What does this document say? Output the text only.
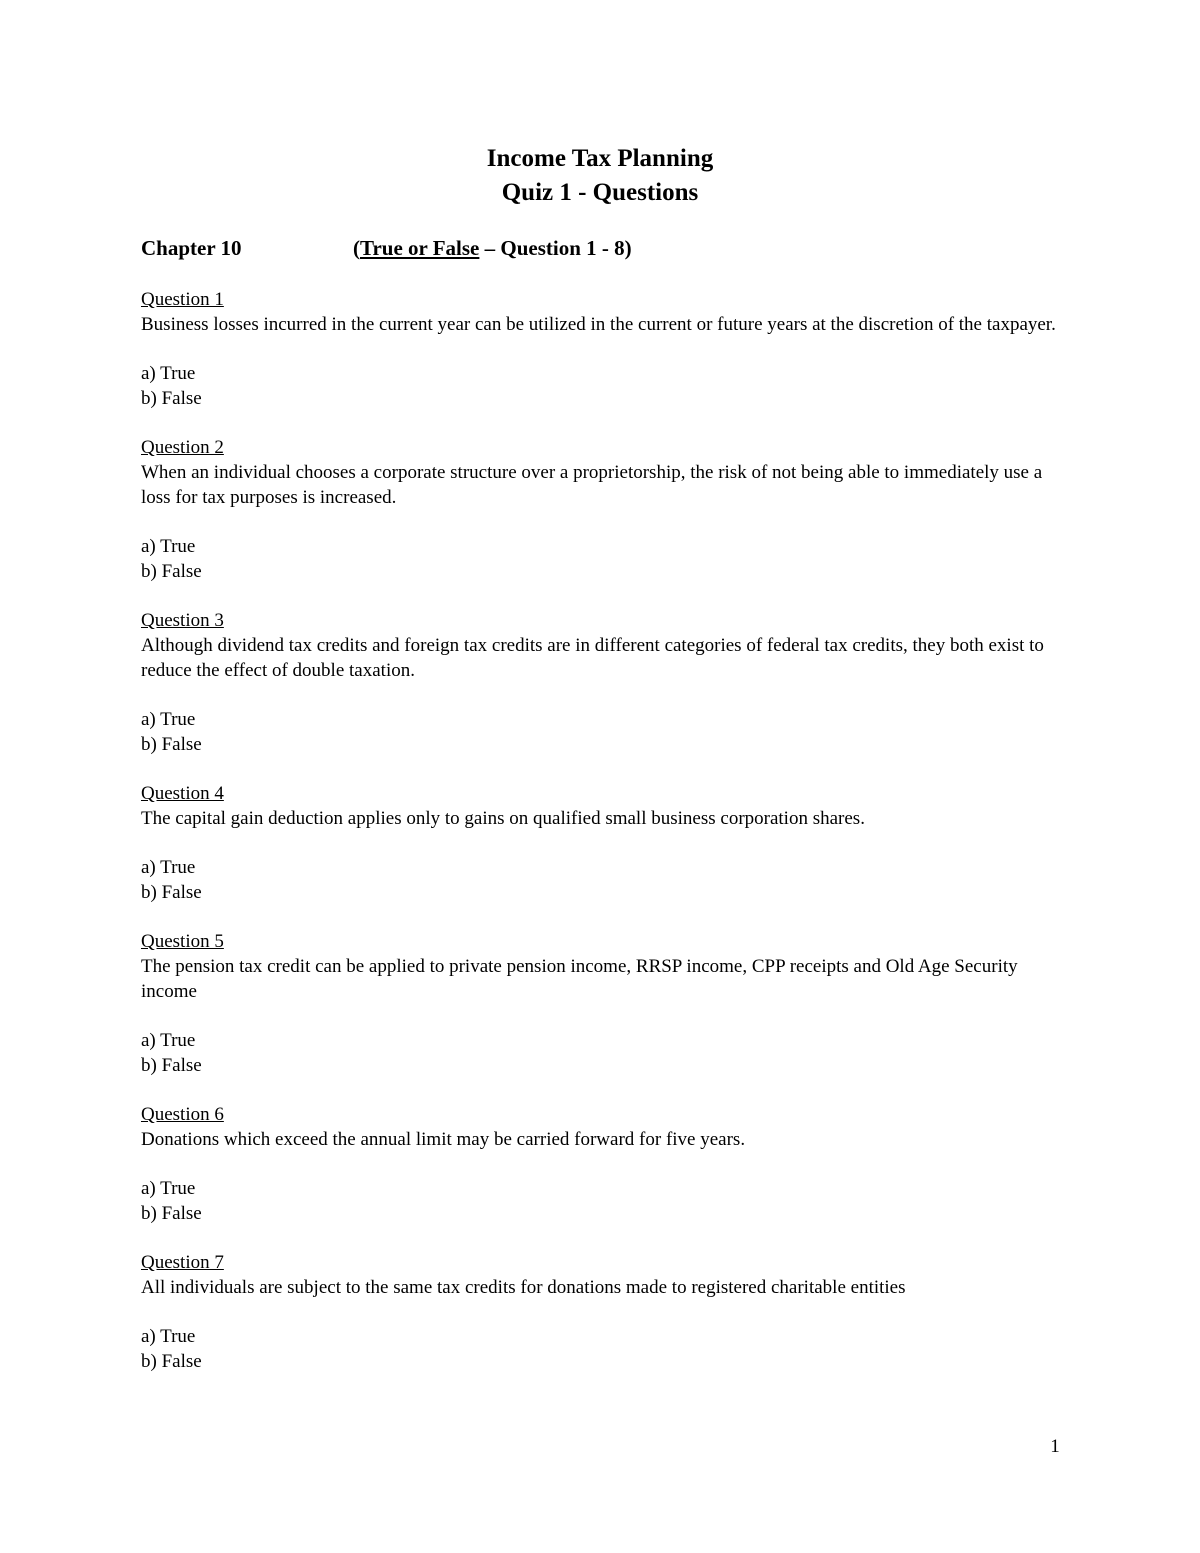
Income Tax Planning
Quiz 1 - Questions
Chapter 10	(True or False – Question 1 - 8)
Question 1
Business losses incurred in the current year can be utilized in the current or future years at the discretion of the taxpayer.
a) True
b) False
Question 2
When an individual chooses a corporate structure over a proprietorship, the risk of not being able to immediately use a loss for tax purposes is increased.
a) True
b) False
Question 3
Although dividend tax credits and foreign tax credits are in different categories of federal tax credits, they both exist to reduce the effect of double taxation.
a) True
b) False
Question 4
The capital gain deduction applies only to gains on qualified small business corporation shares.
a) True
b) False
Question 5
The pension tax credit can be applied to private pension income, RRSP income, CPP receipts and Old Age Security income
a) True
b) False
Question 6
Donations which exceed the annual limit may be carried forward for five years.
a) True
b) False
Question 7
All individuals are subject to the same tax credits for donations made to registered charitable entities
a) True
b) False
1
